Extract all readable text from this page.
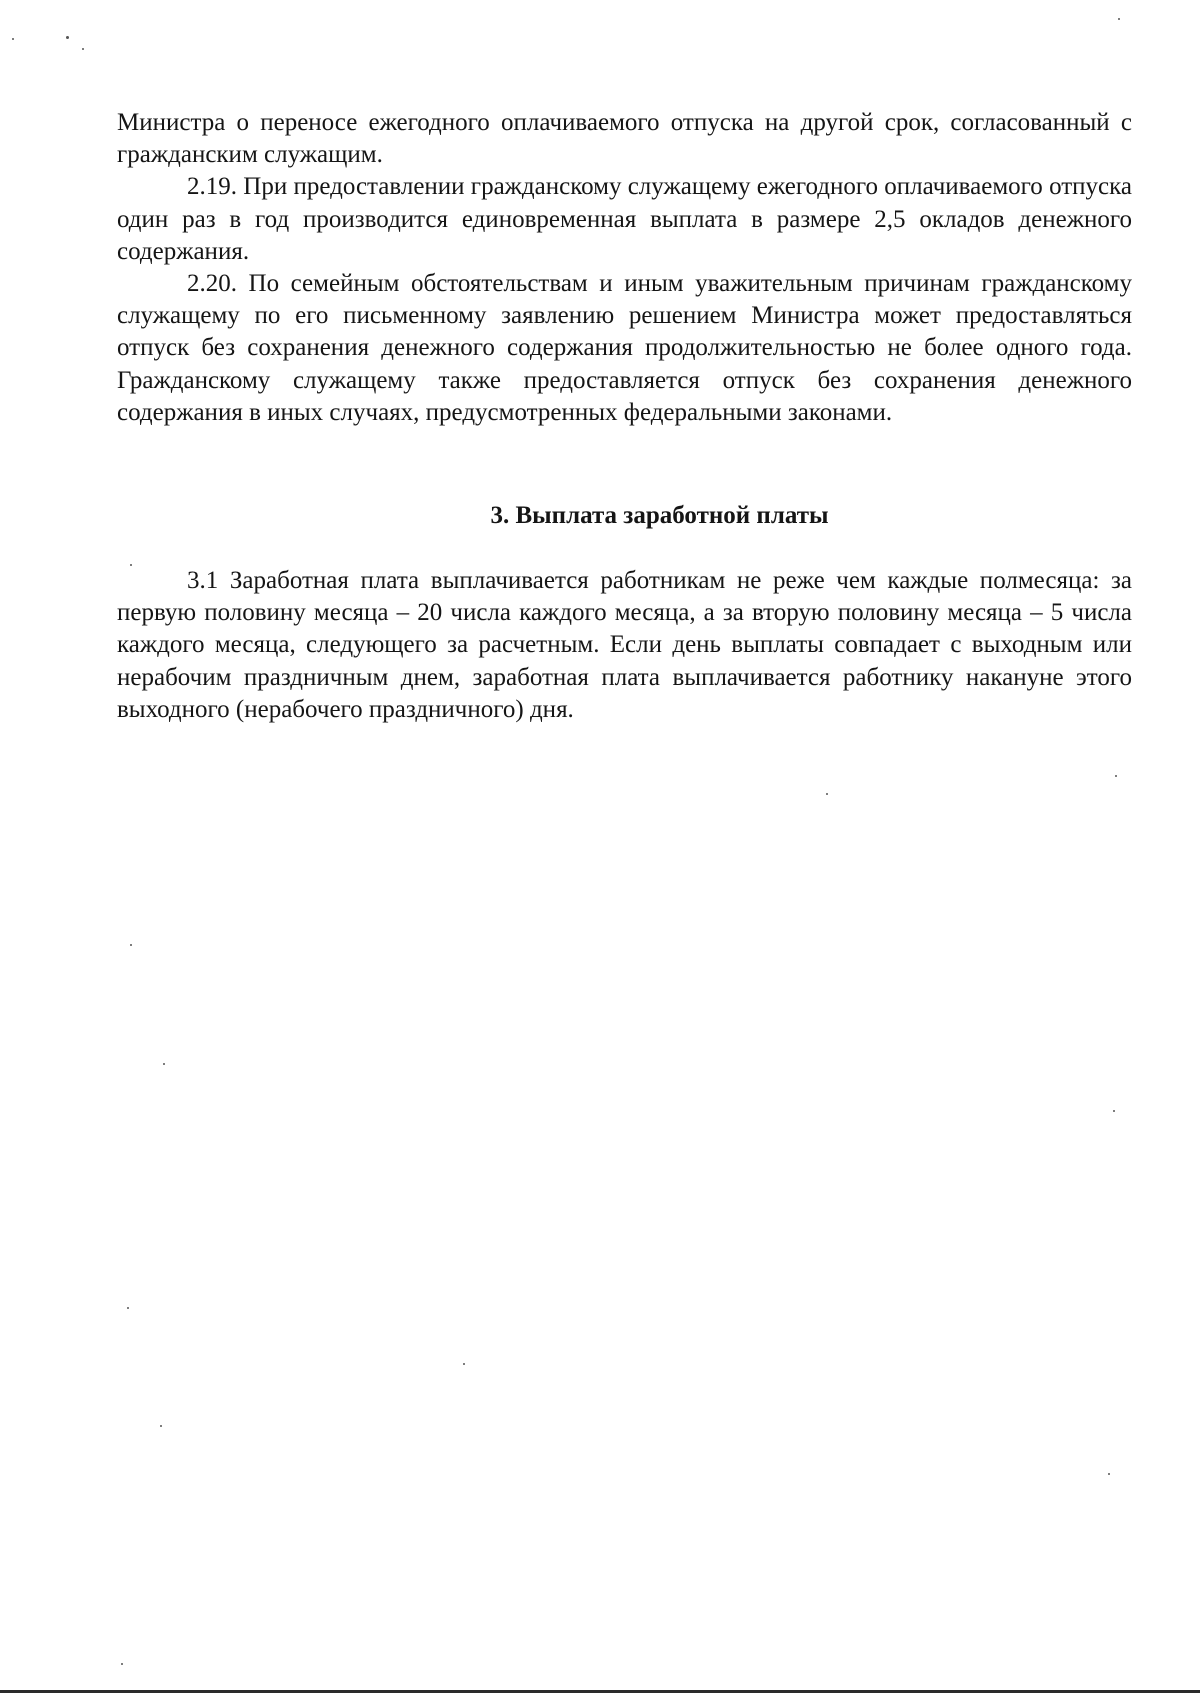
Министра о переносе ежегодного оплачиваемого отпуска на другой срок, согласованный с гражданским служащим.

2.19. При предоставлении гражданскому служащему ежегодного оплачиваемого отпуска один раз в год производится единовременная выплата в размере 2,5 окладов денежного содержания.

2.20. По семейным обстоятельствам и иным уважительным причинам гражданскому служащему по его письменному заявлению решением Министра может предоставляться отпуск без сохранения денежного содержания продолжительностью не более одного года. Гражданскому служащему также предоставляется отпуск без сохранения денежного содержания в иных случаях, предусмотренных федеральными законами.

3. Выплата заработной платы

3.1 Заработная плата выплачивается работникам не реже чем каждые полмесяца: за первую половину месяца – 20 числа каждого месяца, а за вторую половину месяца – 5 числа каждого месяца, следующего за расчетным. Если день выплаты совпадает с выходным или нерабочим праздничным днем, заработная плата выплачивается работнику накануне этого выходного (нерабочего праздничного) дня.
